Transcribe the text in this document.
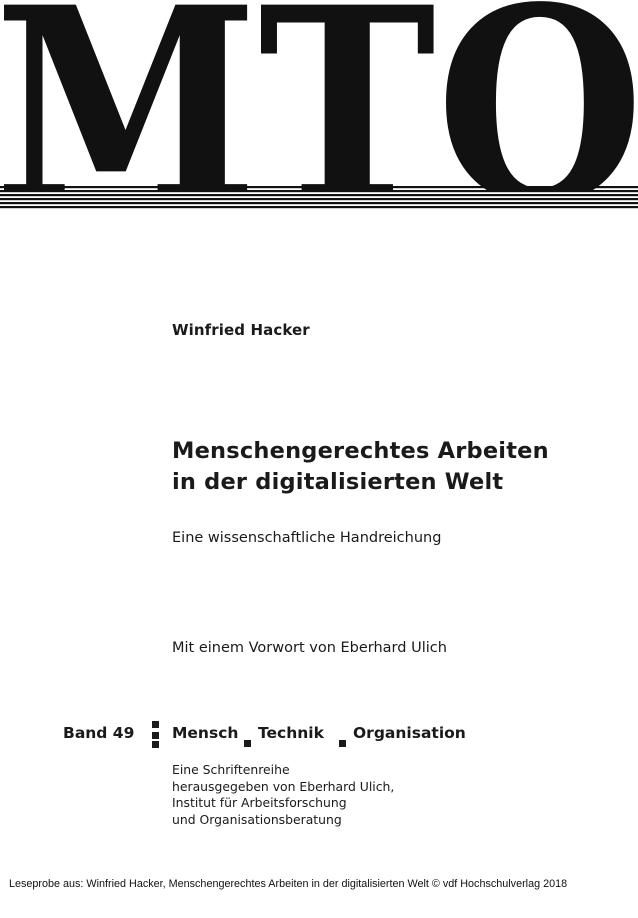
Winfried Hacker
Menschengerechtes Arbeiten
in der digitalisierten Welt
Eine wissenschaftliche Handreichung
Mit einem Vorwort von Eberhard Ulich
Band 49 Mensch Technik Organisation
Eine Schriftenreihe
herausgegeben von Eberhard Ulich,
Institut für Arbeitsforschung
und Organisationsberatung
Leseprobe aus: Winfried Hacker, Menschengerechtes Arbeiten in der digitalisierten Welt © vdf Hochschulverlag 2018
